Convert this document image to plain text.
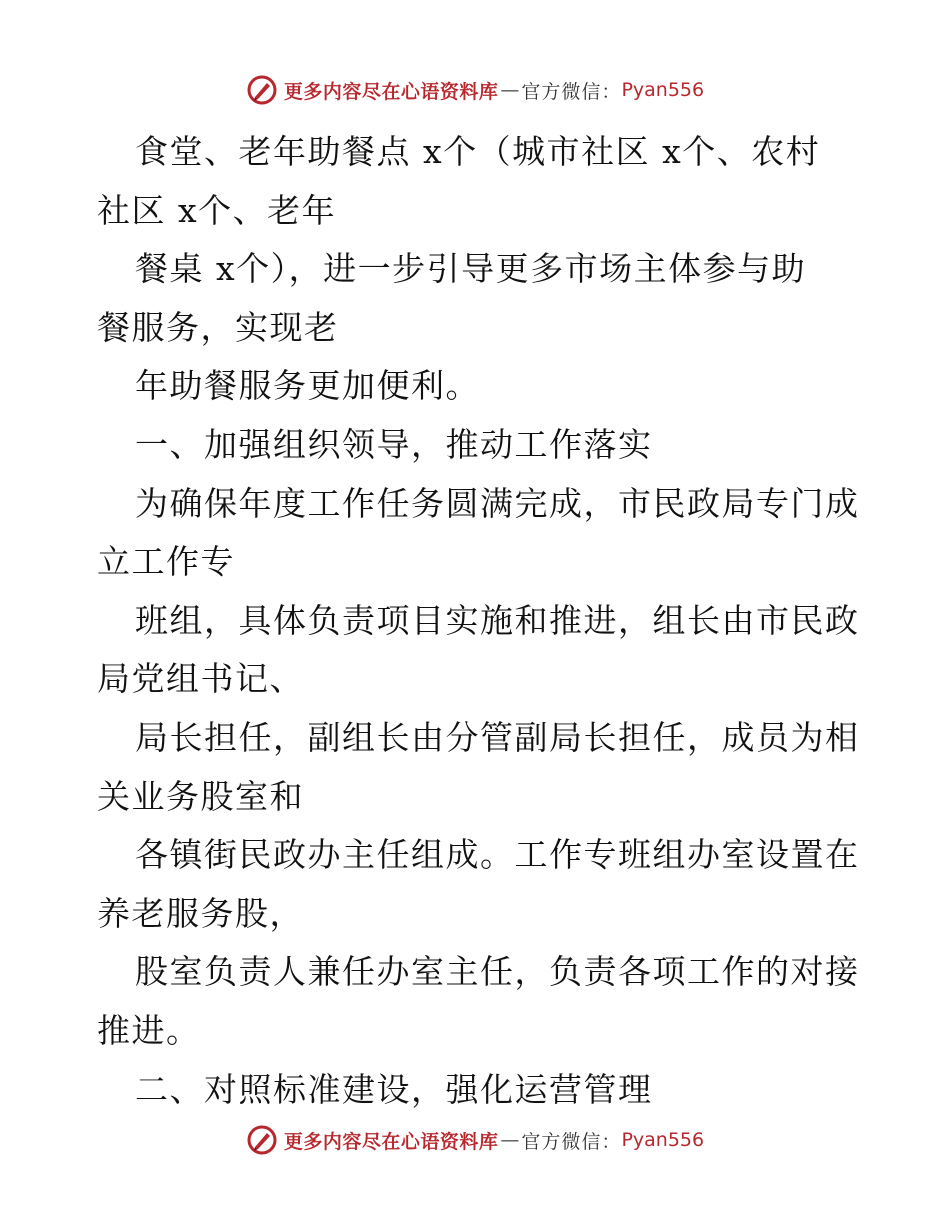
更多内容尽在心语资料库 — 官方微信： Pyan556
食堂、老年助餐点 x个（城市社区 x个、农村
社区 x个、老年
餐桌 x个），进一步引导更多市场主体参与助
餐服务，实现老
年助餐服务更加便利。
一、加强组织领导，推动工作落实
为确保年度工作任务圆满完成，市民政局专门成
立工作专
班组，具体负责项目实施和推进，组长由市民政
局党组书记、
局长担任，副组长由分管副局长担任，成员为相
关业务股室和
各镇街民政办主任组成。工作专班组办室设置在
养老服务股，
股室负责人兼任办室主任，负责各项工作的对接
推进。
二、对照标准建设，强化运营管理
更多内容尽在心语资料库 — 官方微信： Pyan556
